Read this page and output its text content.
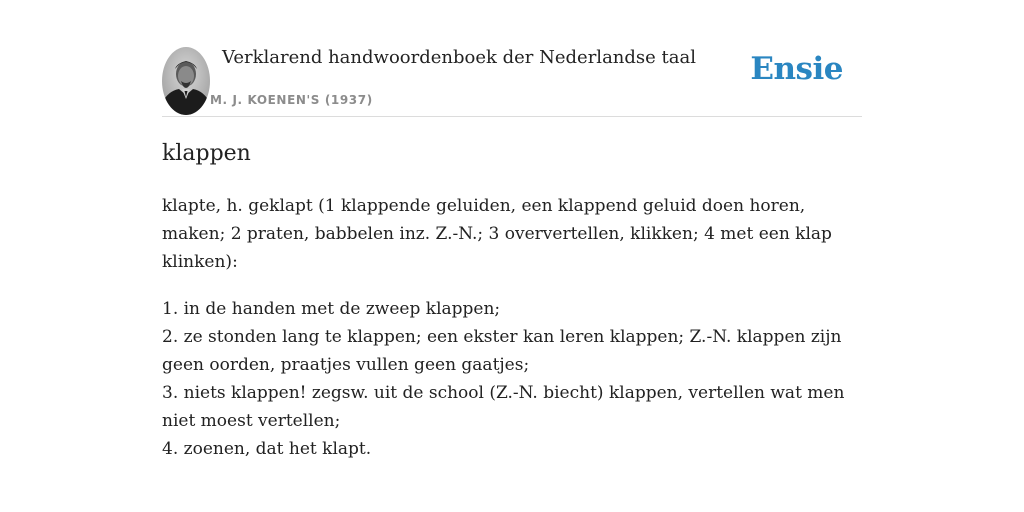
Verklarend handwoordenboek der Nederlandse taal
M. J. KOENEN'S (1937)
Ensie
klappen

klapte, h. geklapt (1 klappende geluiden, een klappend geluid doen horen, maken; 2 praten, babbelen inz. Z.-N.; 3 oververtellen, klikken; 4 met een klap klinken):

1. in de handen met de zweep klappen;

2. ze stonden lang te klappen; een ekster kan leren klappen; Z.-N. klappen zijn geen oorden, praatjes vullen geen gaatjes;

3. niets klappen! zegsw. uit de school (Z.-N. biecht) klappen, vertellen wat men niet moest vertellen;

4. zoenen, dat het klapt.
